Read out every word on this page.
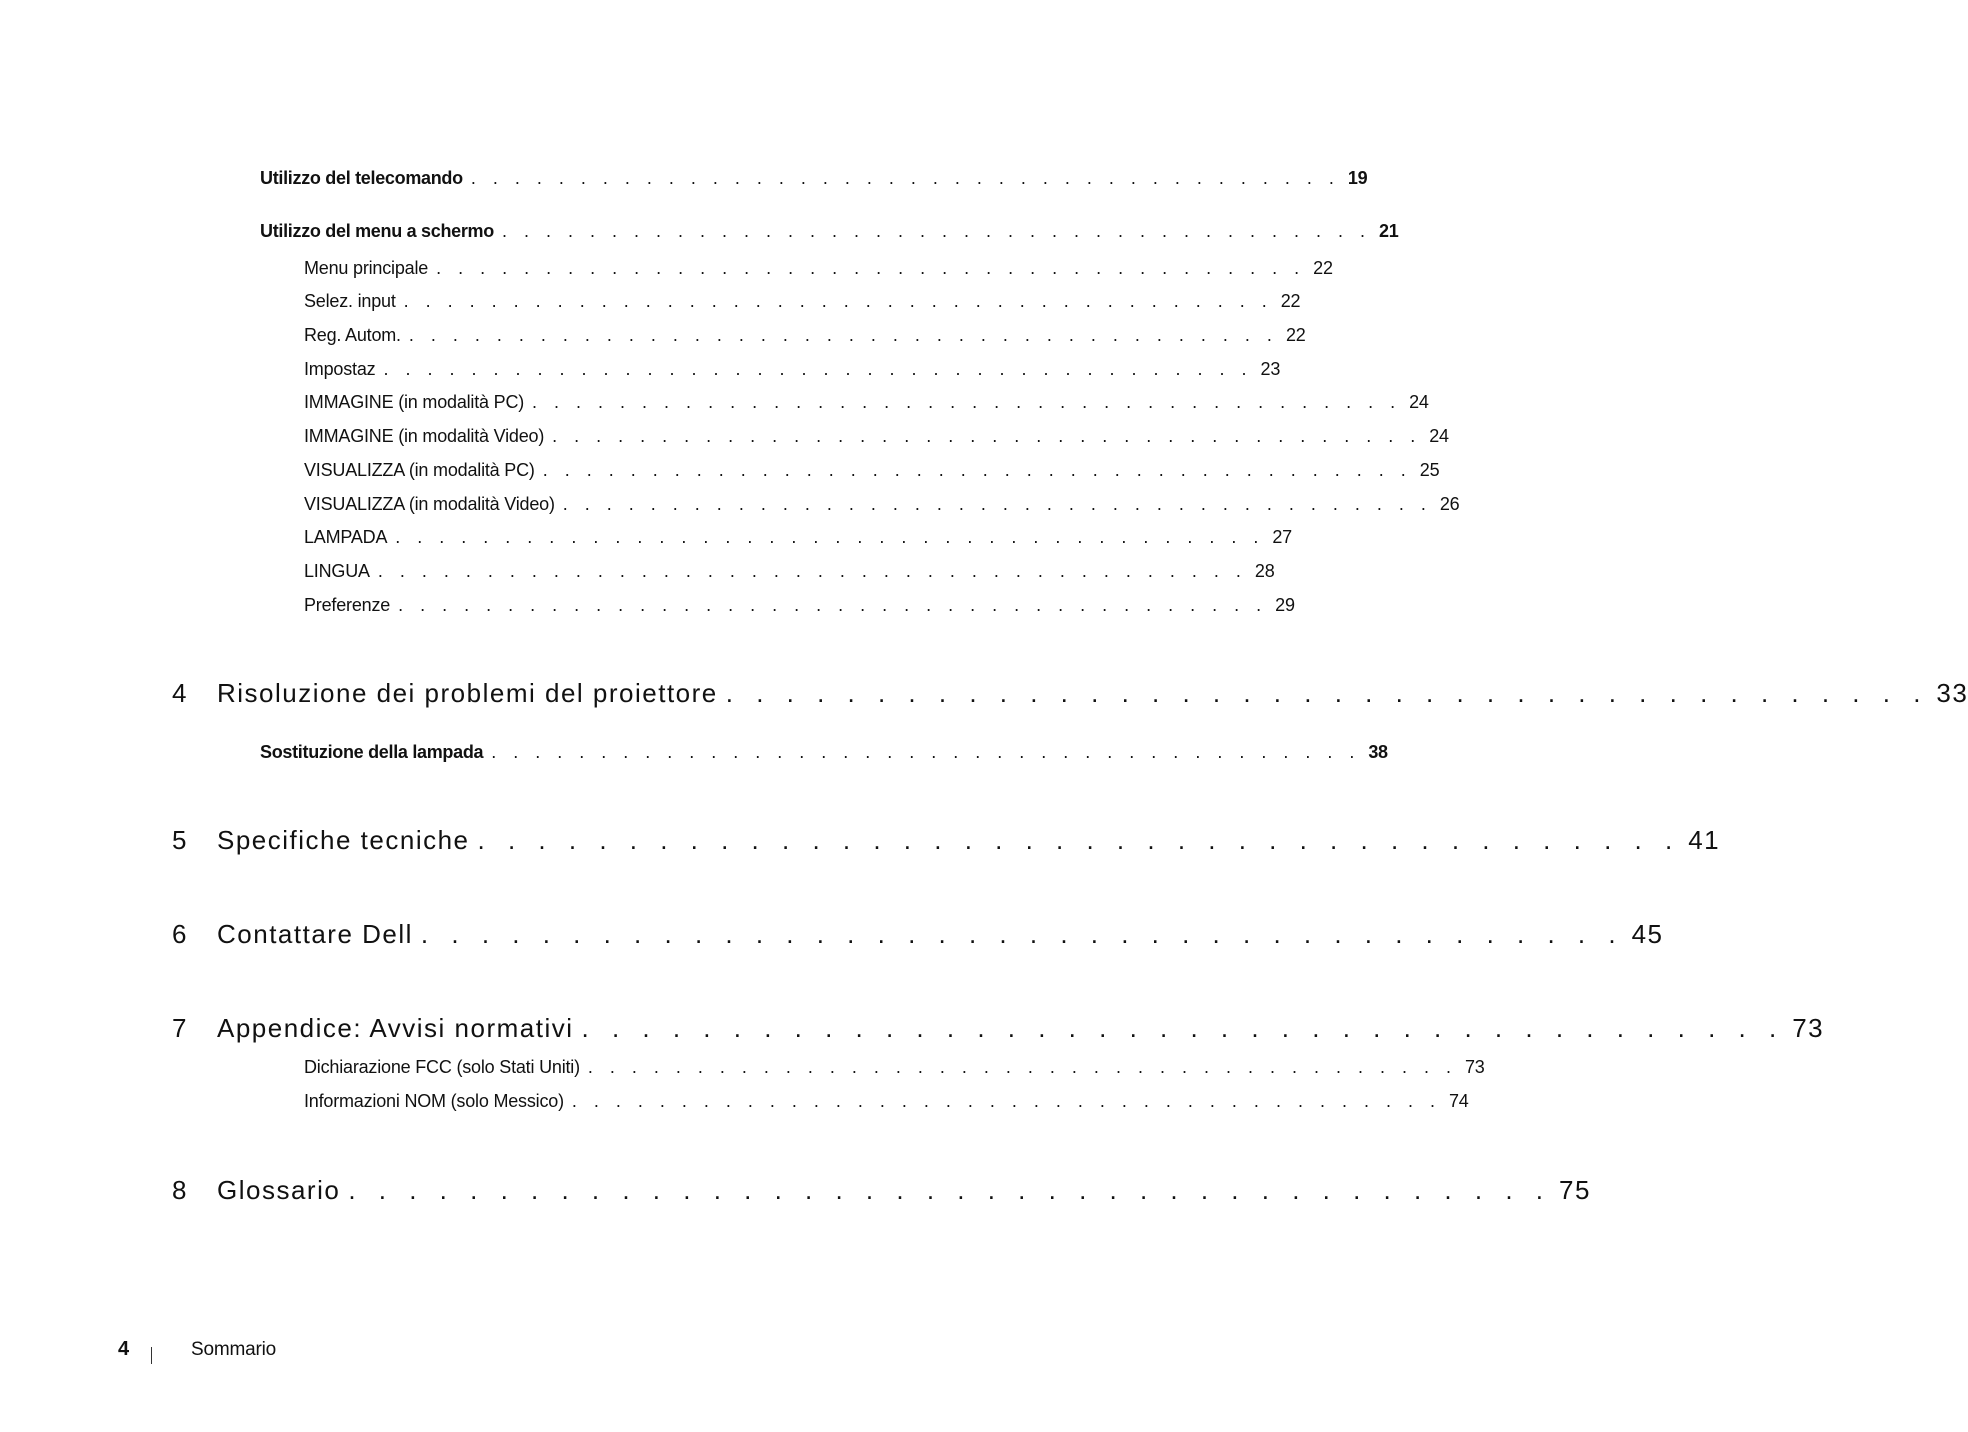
Utilizzo del telecomando . . . . . . . . . . . . . . . . . . . . . . . . . . . . . . . . . . . . . . . . 19
Utilizzo del menu a schermo . . . . . . . . . . . . . . . . . . . . . . . . . . . . . . . . . . . . . . . . 21
Menu principale . . . . . . . . . . . . . . . . . . . . . . . . . . . . . . . . . . . . . . . . 22
Selez. input . . . . . . . . . . . . . . . . . . . . . . . . . . . . . . . . . . . . . . . . 22
Reg. Autom. . . . . . . . . . . . . . . . . . . . . . . . . . . . . . . . . . . . . . . . . 22
Impostaz . . . . . . . . . . . . . . . . . . . . . . . . . . . . . . . . . . . . . . . . 23
IMMAGINE (in modalità PC) . . . . . . . . . . . . . . . . . . . . . . . . . . . . . . . . . . . . . . . . 24
IMMAGINE (in modalità Video) . . . . . . . . . . . . . . . . . . . . . . . . . . . . . . . . . . . . . . . . 24
VISUALIZZA (in modalità PC) . . . . . . . . . . . . . . . . . . . . . . . . . . . . . . . . . . . . . . . . 25
VISUALIZZA (in modalità Video) . . . . . . . . . . . . . . . . . . . . . . . . . . . . . . . . . . . . . . . . 26
LAMPADA . . . . . . . . . . . . . . . . . . . . . . . . . . . . . . . . . . . . . . . . 27
LINGUA . . . . . . . . . . . . . . . . . . . . . . . . . . . . . . . . . . . . . . . . 28
Preferenze . . . . . . . . . . . . . . . . . . . . . . . . . . . . . . . . . . . . . . . . 29
4 Risoluzione dei problemi del proiettore . . . . . . . . . . . . . . . . . . . . . . . . . . . . . . . . . . . . . . . . 33
Sostituzione della lampada . . . . . . . . . . . . . . . . . . . . . . . . . . . . . . . . . . . . . . . . 38
5 Specifiche tecniche . . . . . . . . . . . . . . . . . . . . . . . . . . . . . . . . . . . . . . . . 41
6 Contattare Dell . . . . . . . . . . . . . . . . . . . . . . . . . . . . . . . . . . . . . . . . 45
7 Appendice: Avvisi normativi . . . . . . . . . . . . . . . . . . . . . . . . . . . . . . . . . . . . . . . . 73
Dichiarazione FCC (solo Stati Uniti) . . . . . . . . . . . . . . . . . . . . . . . . . . . . . . . . . . . . . . . . 73
Informazioni NOM (solo Messico) . . . . . . . . . . . . . . . . . . . . . . . . . . . . . . . . . . . . . . . . 74
8 Glossario . . . . . . . . . . . . . . . . . . . . . . . . . . . . . . . . . . . . . . . . 75
4	Sommario
